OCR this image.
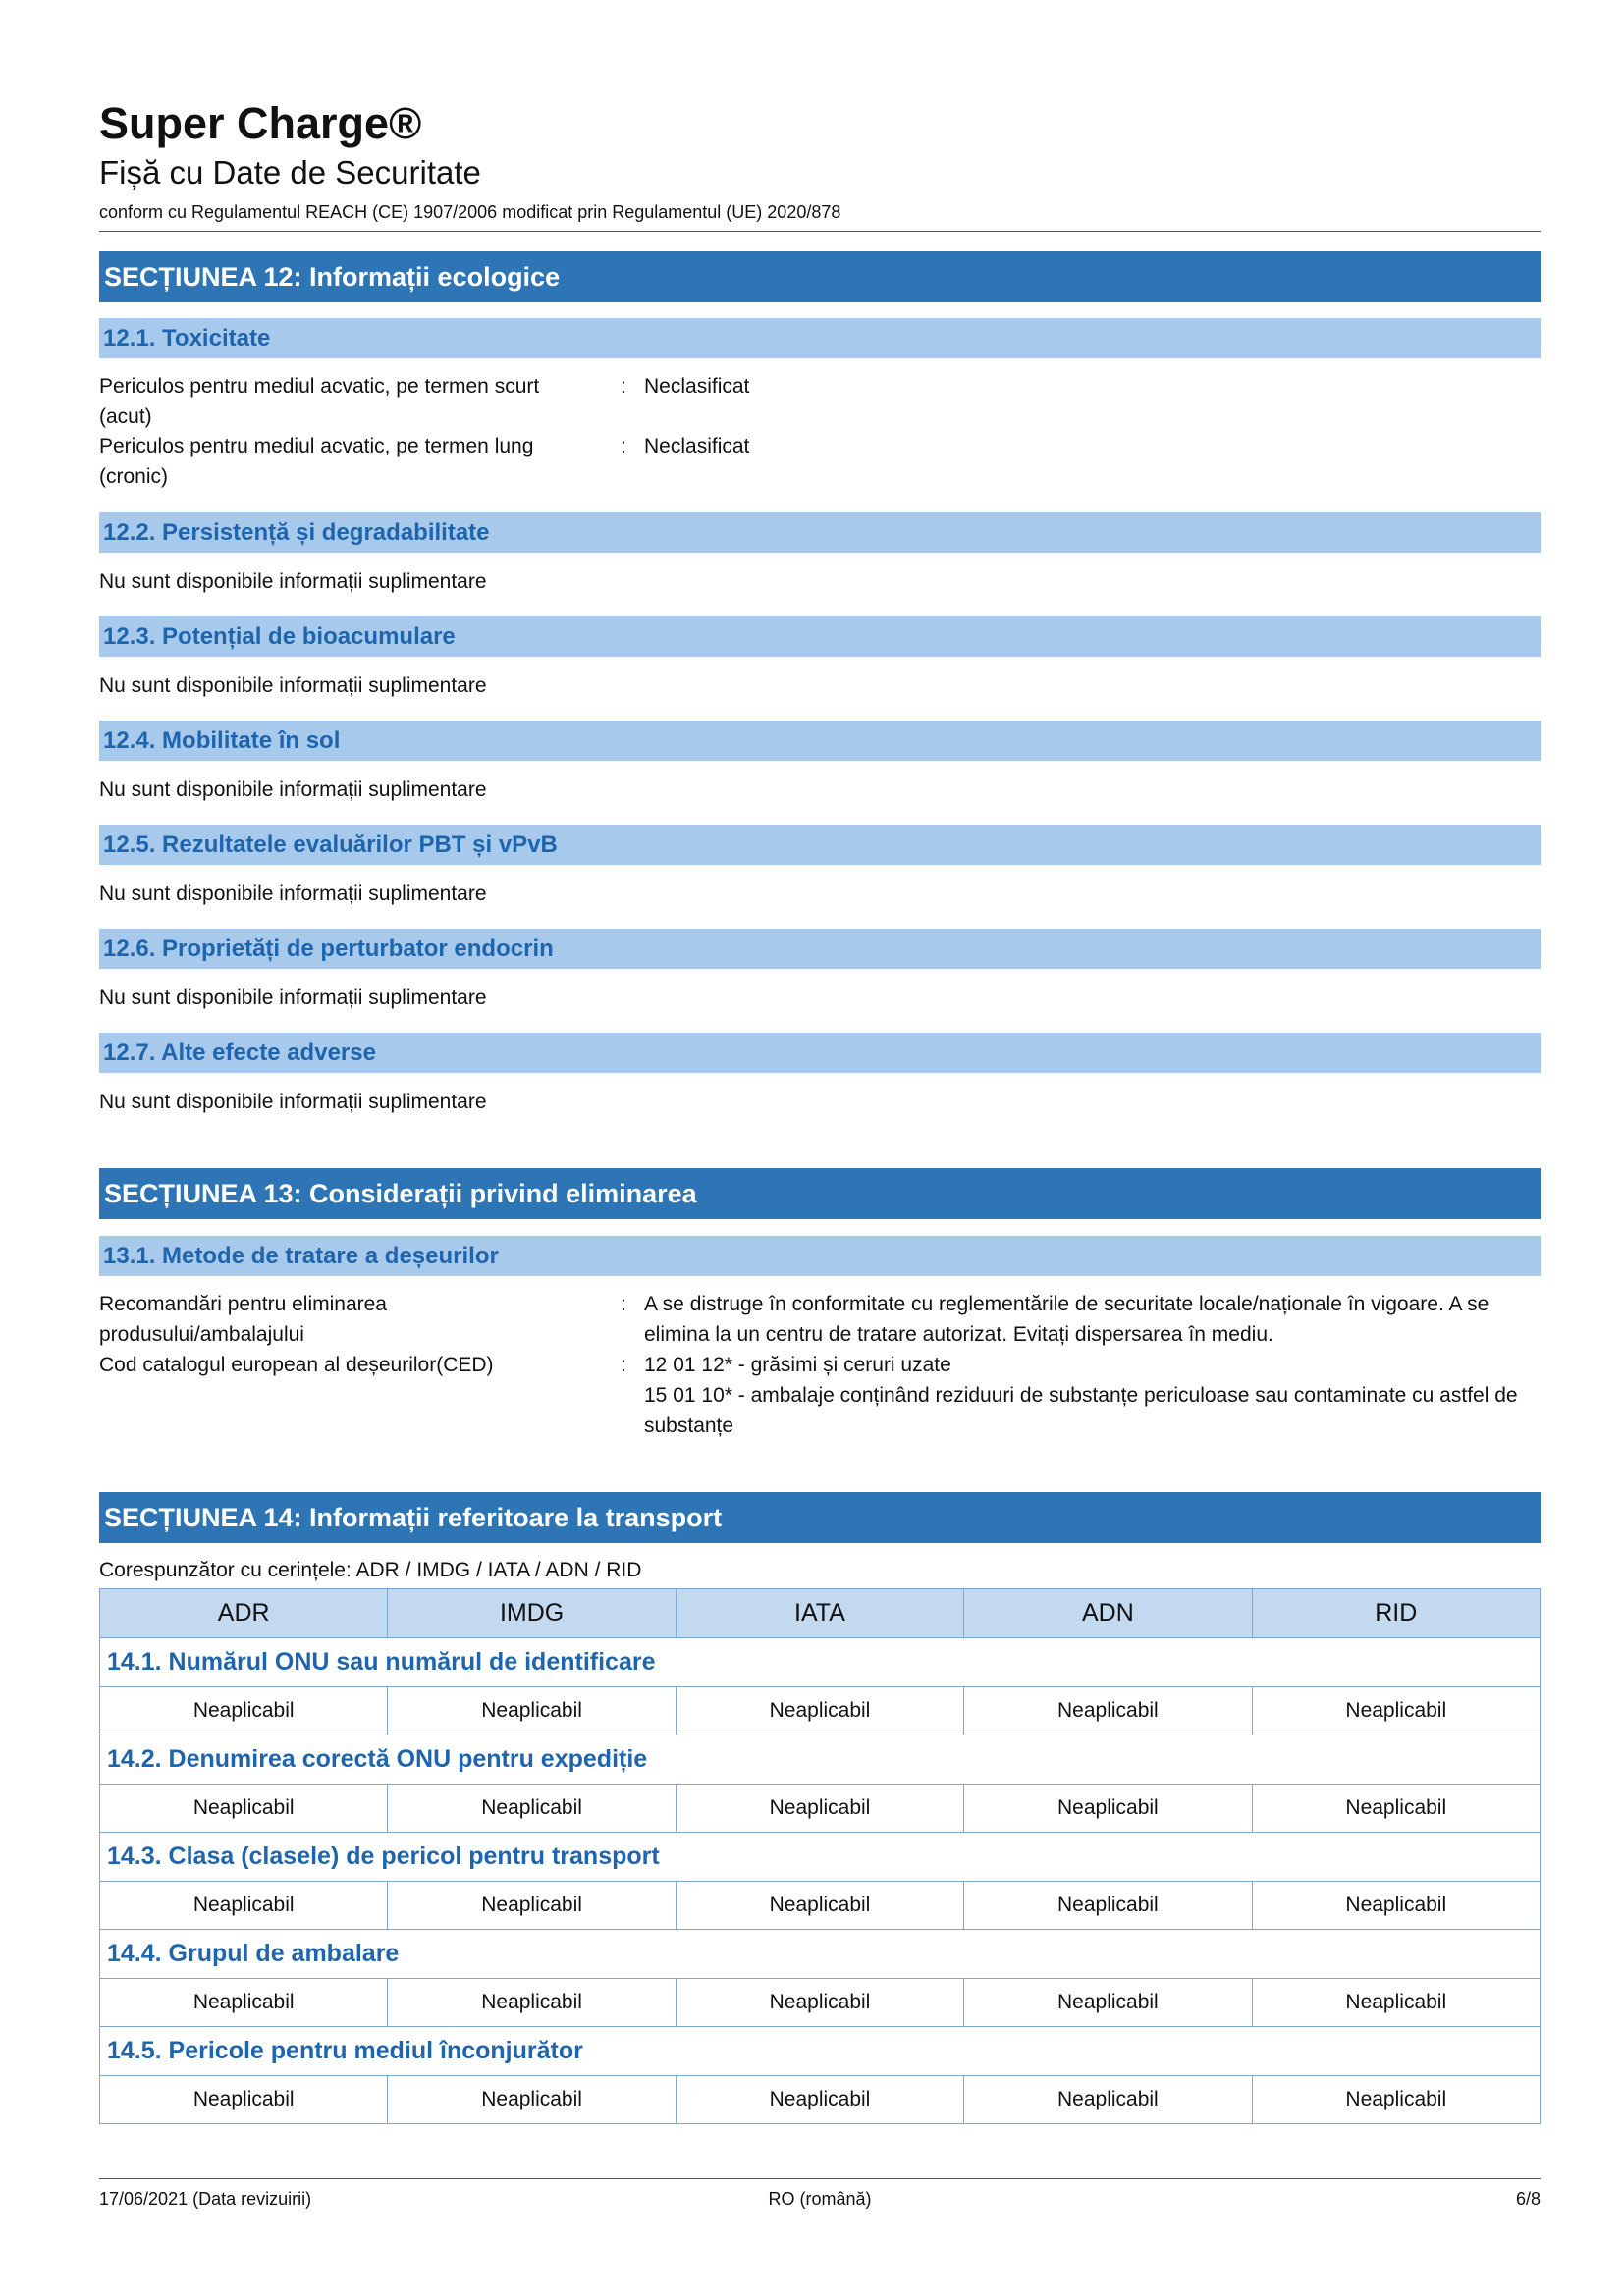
Super Charge®
Fișă cu Date de Securitate
conform cu Regulamentul REACH (CE) 1907/2006 modificat prin Regulamentul (UE) 2020/878
SECȚIUNEA 12: Informații ecologice
12.1. Toxicitate
Periculos pentru mediul acvatic, pe termen scurt (acut)
: Neclasificat
Periculos pentru mediul acvatic, pe termen lung (cronic)
: Neclasificat
12.2. Persistență și degradabilitate
Nu sunt disponibile informații suplimentare
12.3. Potențial de bioacumulare
Nu sunt disponibile informații suplimentare
12.4. Mobilitate în sol
Nu sunt disponibile informații suplimentare
12.5. Rezultatele evaluărilor PBT și vPvB
Nu sunt disponibile informații suplimentare
12.6. Proprietăți de perturbator endocrin
Nu sunt disponibile informații suplimentare
12.7. Alte efecte adverse
Nu sunt disponibile informații suplimentare
SECȚIUNEA 13: Considerații privind eliminarea
13.1. Metode de tratare a deșeurilor
Recomandări pentru eliminarea produsului/ambalajului
: A se distruge în conformitate cu reglementările de securitate locale/naționale în vigoare. A se elimina la un centru de tratare autorizat. Evitați dispersarea în mediu.
Cod catalogul european al deșeurilor(CED)	: 12 01 12* - grăsimi și ceruri uzate
15 01 10* - ambalaje conținând reziduuri de substanțe periculoase sau contaminate cu astfel de substanțe
SECȚIUNEA 14: Informații referitoare la transport
Corespunzător cu cerințele: ADR / IMDG / IATA / ADN / RID
ADR	IMDG	IATA	ADN	RID
14.1. Numărul ONU sau numărul de identificare				
Neaplicabil	Neaplicabil	Neaplicabil	Neaplicabil	Neaplicabil
14.2. Denumirea corectă ONU pentru expediție				
Neaplicabil	Neaplicabil	Neaplicabil	Neaplicabil	Neaplicabil
14.3. Clasa (clasele) de pericol pentru transport				
Neaplicabil	Neaplicabil	Neaplicabil	Neaplicabil	Neaplicabil
14.4. Grupul de ambalare				
Neaplicabil	Neaplicabil	Neaplicabil	Neaplicabil	Neaplicabil
14.5. Pericole pentru mediul înconjurător				
Neaplicabil	Neaplicabil	Neaplicabil	Neaplicabil	Neaplicabil
17/06/2021 (Data revizuirii)	RO (română)	6/8
